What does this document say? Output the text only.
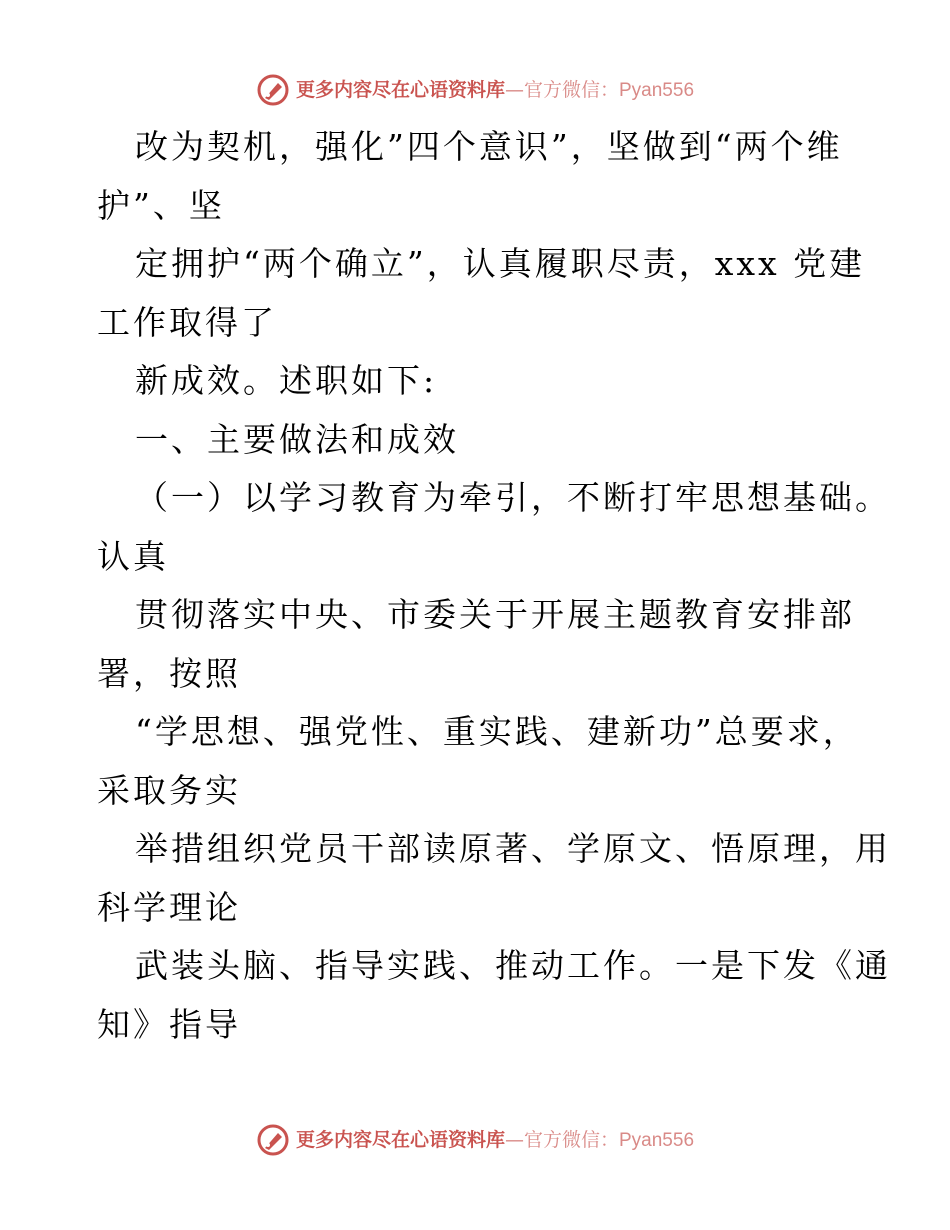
更多内容尽在心语资料库 — 官方微信： Pyan556
改为契机，强化”四个意识”，坚做到“两个维
护”、坚
定拥护“两个确立”，认真履职尽责，xxx 党建
工作取得了
新成效。述职如下:
一、主要做法和成效
（一）以学习教育为牵引，不断打牢思想基础。
认真
贯彻落实中央、市委关于开展主题教育安排部
署，按照
“学思想、强党性、重实践、建新功”总要求，
采取务实
举措组织党员干部读原著、学原文、悟原理，用
科学理论
武装头脑、指导实践、推动工作。一是下发《通
知》指导
更多内容尽在心语资料库 — 官方微信： Pyan556
